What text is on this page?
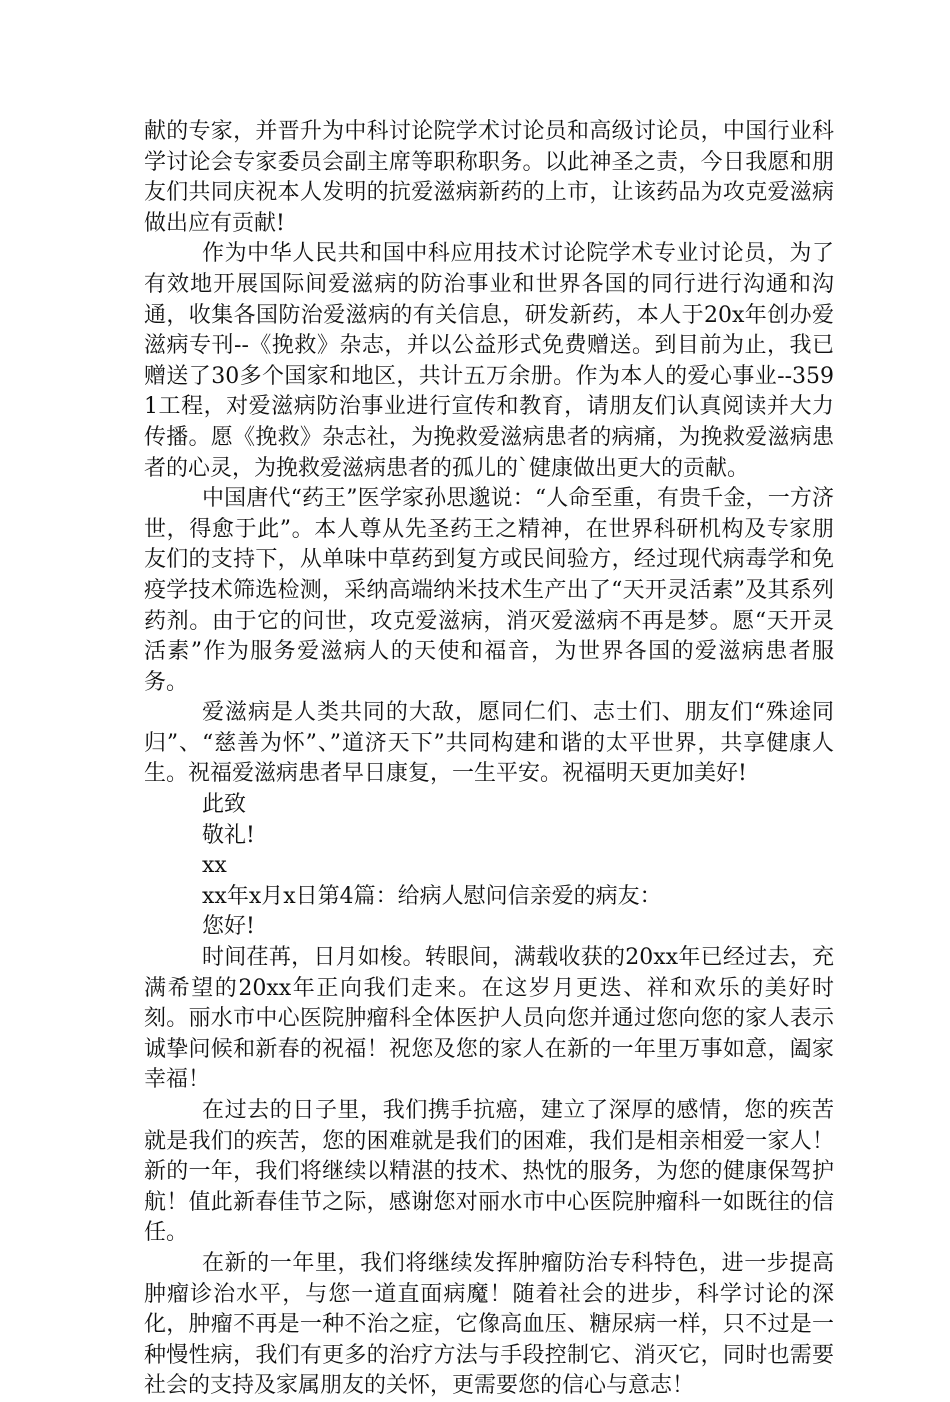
献的专家，并晋升为中科讨论院学术讨论员和高级讨论员，中国行业科学讨论会专家委员会副主席等职称职务。以此神圣之责，今日我愿和朋友们共同庆祝本人发明的抗爱滋病新药的上市，让该药品为攻克爱滋病做出应有贡献!

作为中华人民共和国中科应用技术讨论院学术专业讨论员，为了有效地开展国际间爱滋病的防治事业和世界各国的同行进行沟通和沟通，收集各国防治爱滋病的有关信息，研发新药，本人于20x年创办爱滋病专刊--《挽救》杂志，并以公益形式免费赠送。到目前为止，我已赠送了30多个国家和地区，共计五万余册。作为本人的爱心事业--3591工程，对爱滋病防治事业进行宣传和教育，请朋友们认真阅读并大力传播。愿《挽救》杂志社，为挽救爱滋病患者的病痛，为挽救爱滋病患者的心灵，为挽救爱滋病患者的孤儿的`健康做出更大的贡献。

中国唐代“药王”医学家孙思邈说：“人命至重，有贵千金，一方济世，得愈于此”。本人尊从先圣药王之精神，在世界科研机构及专家朋友们的支持下，从单味中草药到复方或民间验方，经过现代病毒学和免疫学技术筛选检测，采纳高端纳米技术生产出了“天开灵活素”及其系列药剂。由于它的问世，攻克爱滋病，消灭爱滋病不再是梦。愿“天开灵活素”作为服务爱滋病人的天使和福音，为世界各国的爱滋病患者服务。

爱滋病是人类共同的大敌，愿同仁们、志士们、朋友们“殊途同归”、“慈善为怀”、”道济天下”共同构建和谐的太平世界，共享健康人生。祝福爱滋病患者早日康复，一生平安。祝福明天更加美好!

此致

敬礼!

xx

xx年x月x日第4篇：给病人慰问信亲爱的病友：

您好!

时间荏苒，日月如梭。转眼间，满载收获的20xx年已经过去，充满希望的20xx年正向我们走来。在这岁月更迭、祥和欢乐的美好时刻。丽水市中心医院肿瘤科全体医护人员向您并通过您向您的家人表示诚挚问候和新春的祝福！祝您及您的家人在新的一年里万事如意，阖家幸福！

在过去的日子里，我们携手抗癌，建立了深厚的感情，您的疾苦就是我们的疾苦，您的困难就是我们的困难，我们是相亲相爱一家人！新的一年，我们将继续以精湛的技术、热忱的服务，为您的健康保驾护航！值此新春佳节之际，感谢您对丽水市中心医院肿瘤科一如既往的信任。

在新的一年里，我们将继续发挥肿瘤防治专科特色，进一步提高肿瘤诊治水平，与您一道直面病魔！随着社会的进步，科学讨论的深化，肿瘤不再是一种不治之症，它像高血压、糖尿病一样，只不过是一种慢性病，我们有更多的治疗方法与手段控制它、消灭它，同时也需要社会的支持及家属朋友的关怀，更需要您的信心与意志！
